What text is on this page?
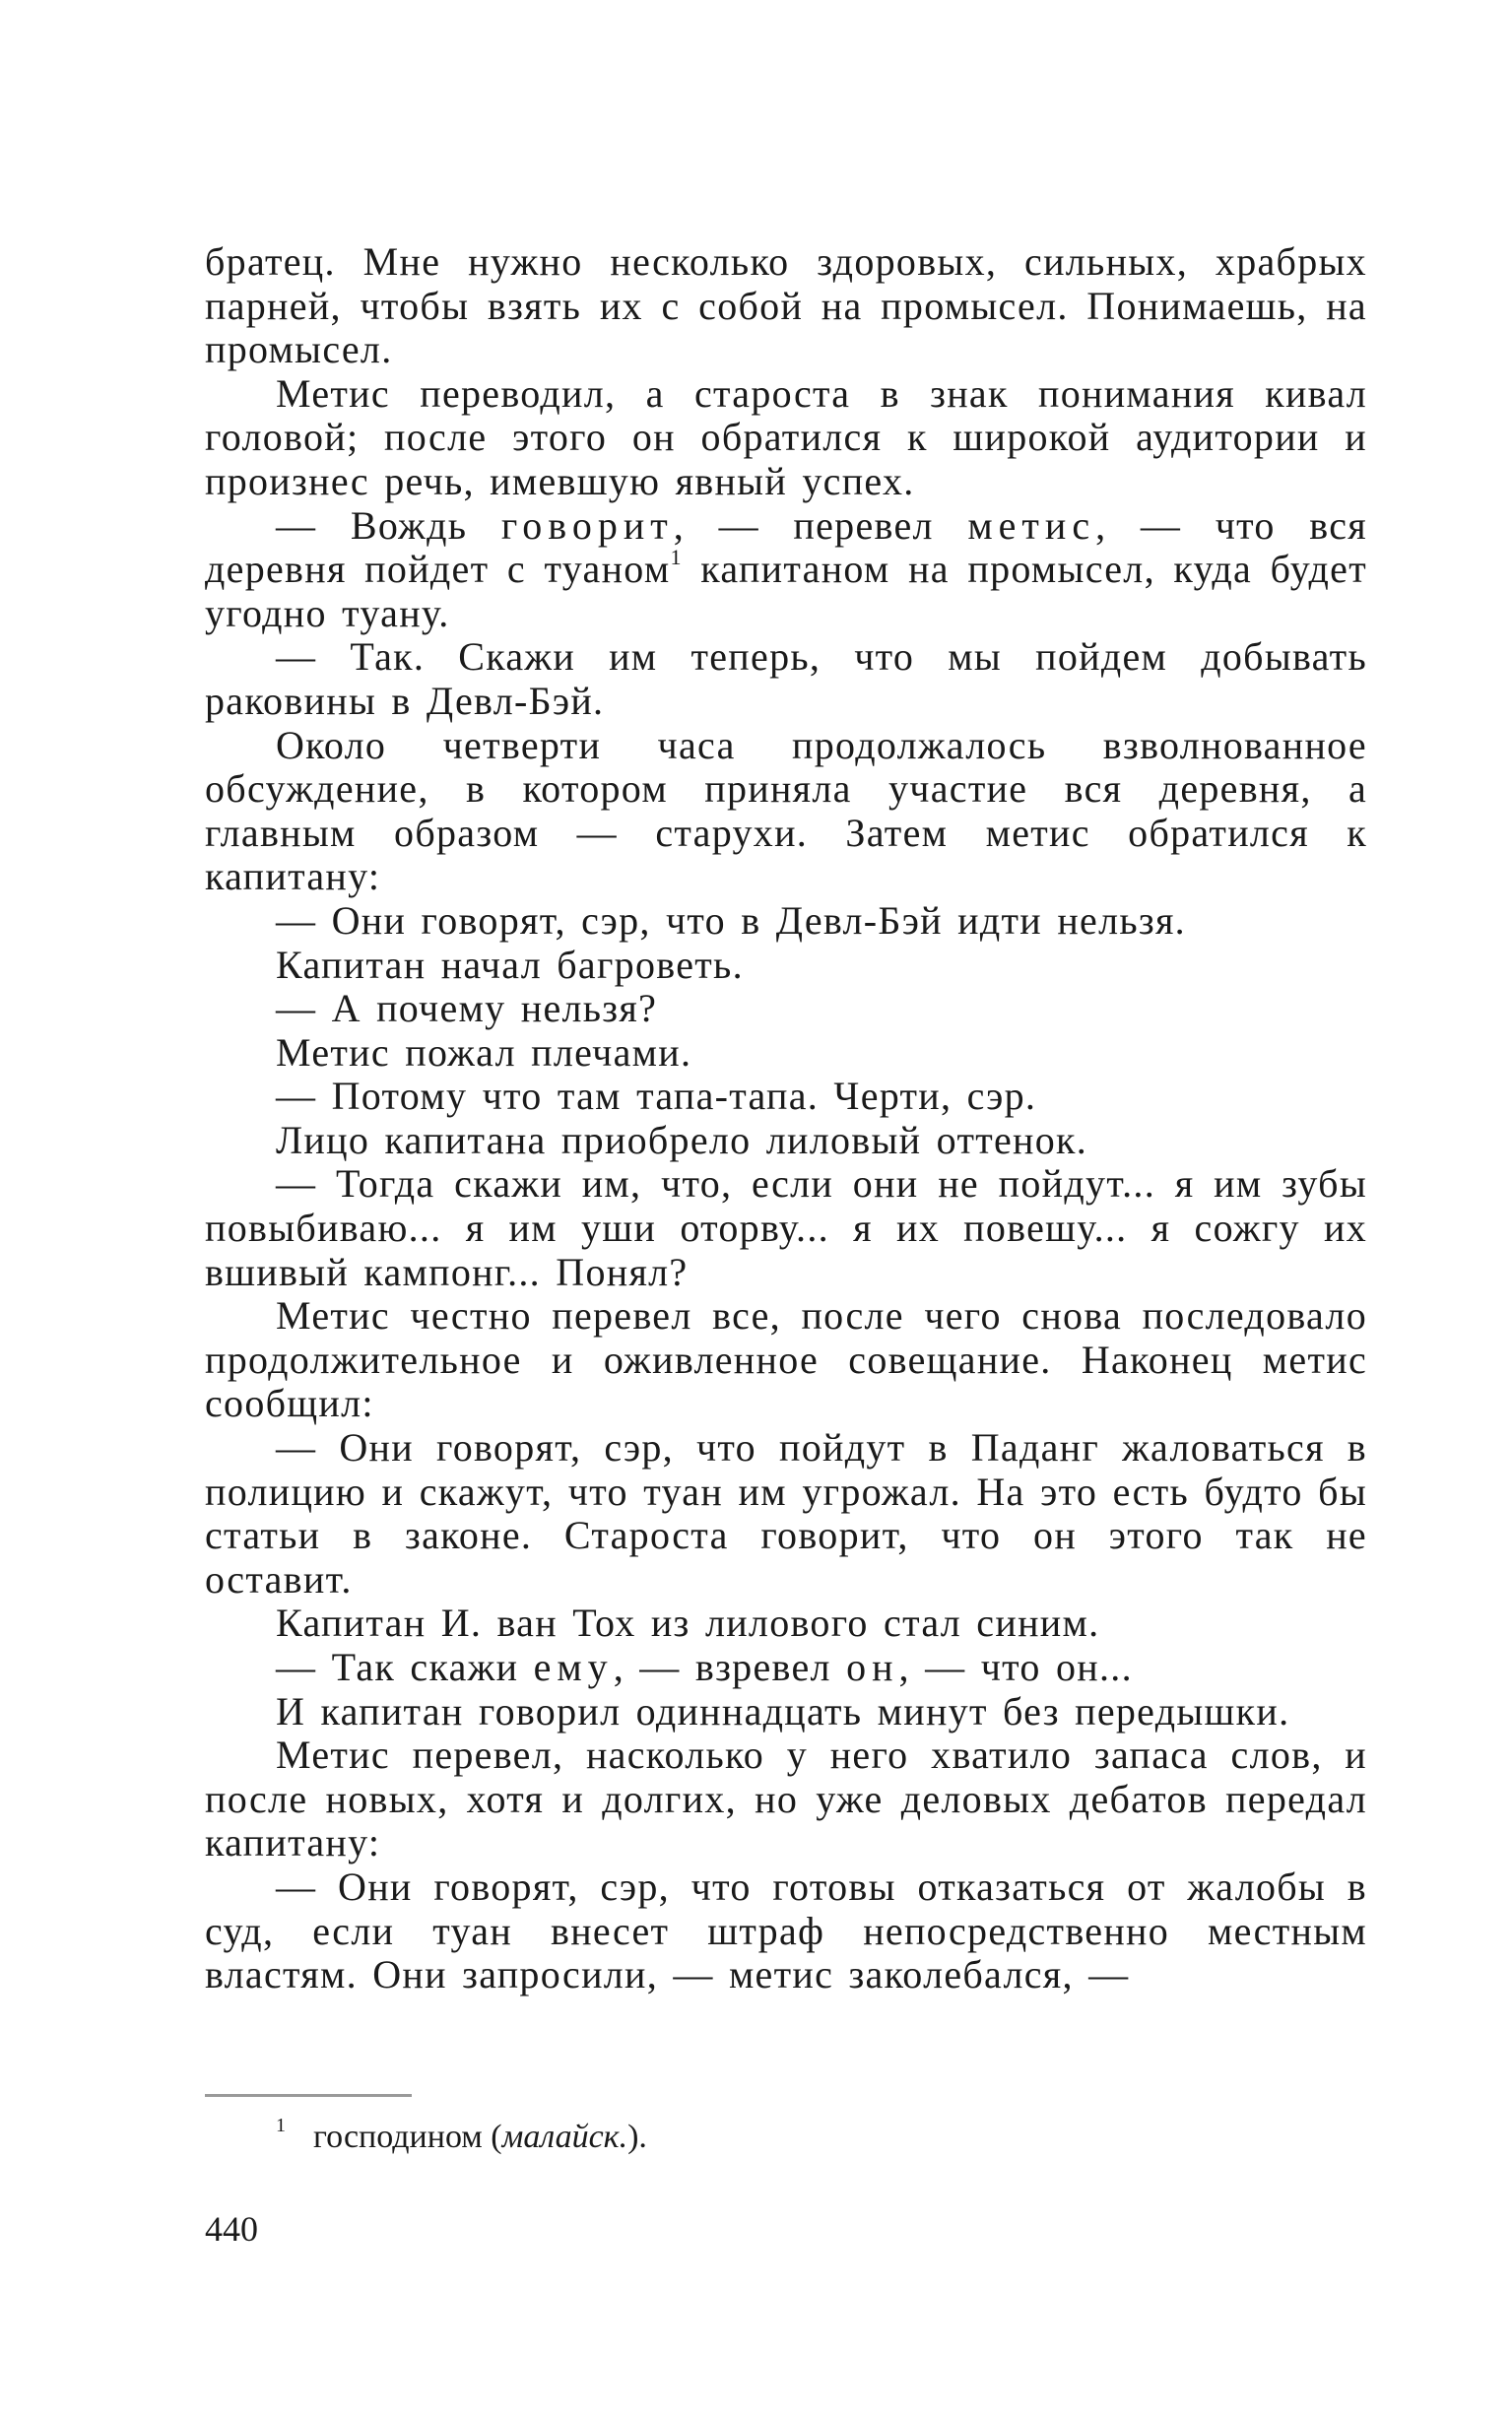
братец. Мне нужно несколько здоровых, сильных, храбрых парней, чтобы взять их с собой на промысел. Понимаешь, на промысел.

Метис переводил, а староста в знак понимания кивал головой; после этого он обратился к широкой аудитории и произнес речь, имевшую явный успех.

— Вождь говорит, — перевел метис, — что вся деревня пойдет с туаном$^1$ капитаном на промысел, куда будет угодно туану.

— Так. Скажи им теперь, что мы пойдем добывать раковины в Девл-Бэй.

Около четверти часа продолжалось взволнованное обсуждение, в котором приняла участие вся деревня, а главным образом — старухи. Затем метис обратился к капитану:

— Они говорят, сэр, что в Девл-Бэй идти нельзя.

Капитан начал багроветь.

— А почему нельзя?

Метис пожал плечами.

— Потому что там тапа-тапа. Черти, сэр.

Лицо капитана приобрело лиловый оттенок.

— Тогда скажи им, что, если они не пойдут... я им зубы повыбиваю... я им уши оторву... я их повешу... я сожгу их вшивый кампонг... Понял?

Метис честно перевел все, после чего снова последовало продолжительное и оживленное совещание. Наконец метис сообщил:

— Они говорят, сэр, что пойдут в Паданг жаловаться в полицию и скажут, что туан им угрожал. На это есть будто бы статьи в законе. Староста говорит, что он этого так не оставит.

Капитан И. ван Тох из лилового стал синим.

— Так скажи ему, — взревел он, — что он...

И капитан говорил одиннадцать минут без передышки.

Метис перевел, насколько у него хватило запаса слов, и после новых, хотя и долгих, но уже деловых дебатов передал капитану:

— Они говорят, сэр, что готовы отказаться от жалобы в суд, если туан внесет штраф непосредственно местным властям. Они запросили, — метис заколебался, —

$^1$ господином (малайск.).
440
